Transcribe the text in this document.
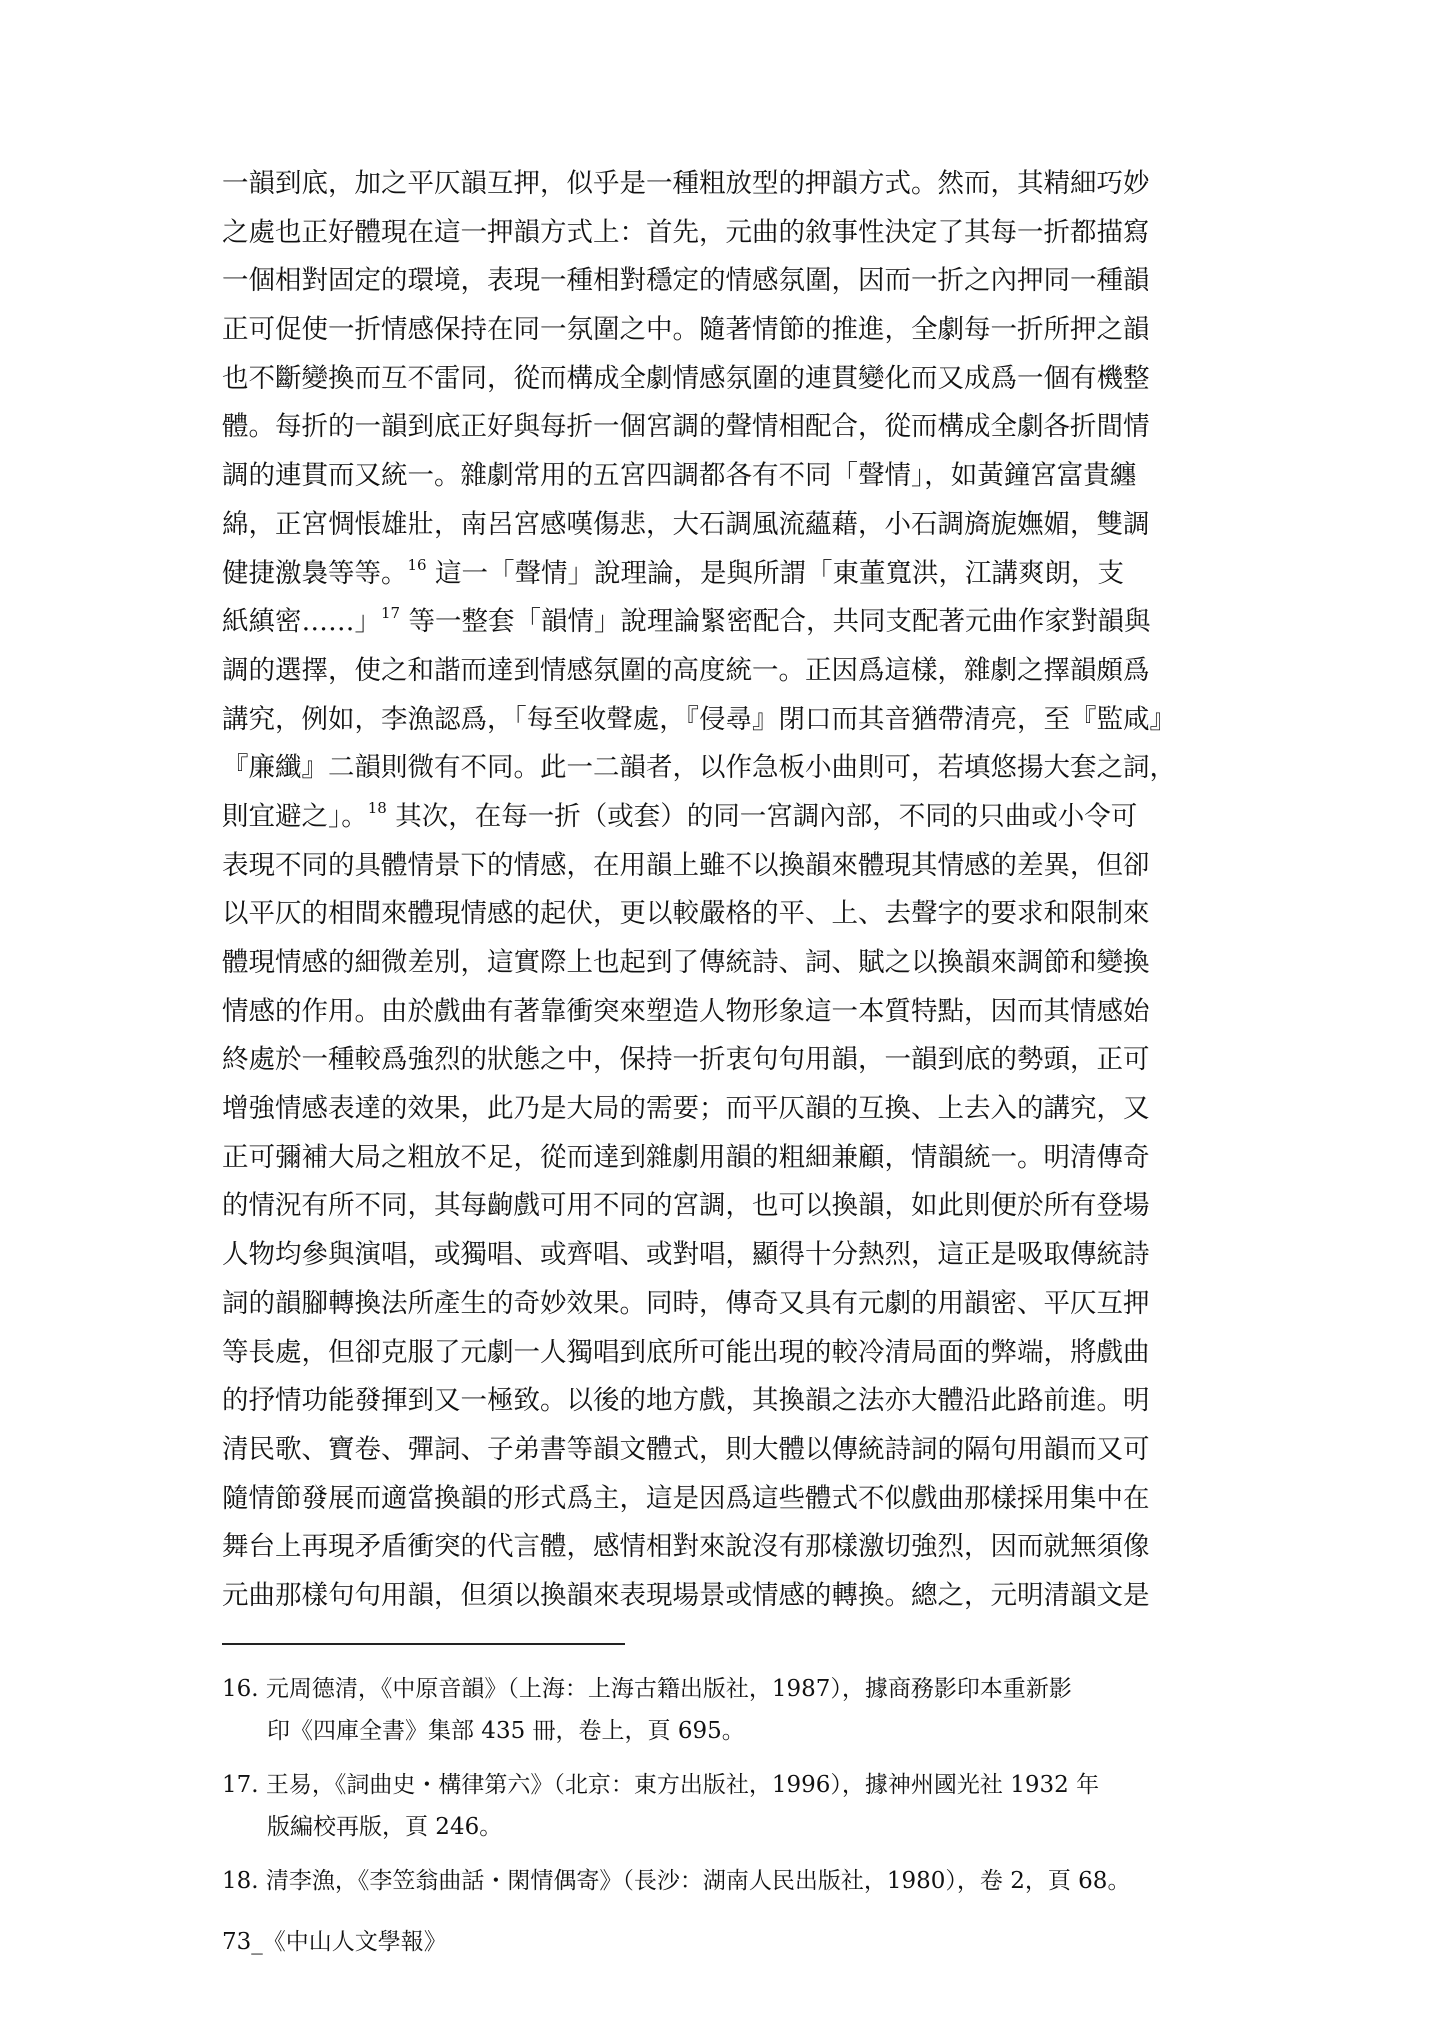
一韻到底，加之平仄韻互押，似乎是一種粗放型的押韻方式。然而，其精細巧妙
之處也正好體現在這一押韻方式上：首先，元曲的敘事性決定了其每一折都描寫
一個相對固定的環境，表現一種相對穩定的情感氛圍，因而一折之內押同一種韻
正可促使一折情感保持在同一氛圍之中。隨著情節的推進，全劇每一折所押之韻
也不斷變換而互不雷同，從而構成全劇情感氛圍的連貫變化而又成爲一個有機整
體。每折的一韻到底正好與每折一個宮調的聲情相配合，從而構成全劇各折間情
調的連貫而又統一。雜劇常用的五宮四調都各有不同「聲情」，如黃鐘宮富貴纏
綿，正宮惆悵雄壯，南呂宮感嘆傷悲，大石調風流蘊藉，小石調旖旎嫵媚，雙調
健捷激裊等等。$^{16}$ 這一「聲情」說理論，是與所謂「東董寬洪，江講爽朗，支
紙縝密……」$^{17}$ 等一整套「韻情」說理論緊密配合，共同支配著元曲作家對韻與
調的選擇，使之和諧而達到情感氛圍的高度統一。正因爲這樣，雜劇之擇韻頗爲
講究，例如，李漁認爲，「每至收聲處，『侵尋』閉口而其音猶帶清亮，至『監咸』
『廉纖』二韻則微有不同。此一二韻者，以作急板小曲則可，若填悠揚大套之詞，
則宜避之」。$^{18}$ 其次，在每一折（或套）的同一宮調內部，不同的只曲或小令可
表現不同的具體情景下的情感，在用韻上雖不以換韻來體現其情感的差異，但卻
以平仄的相間來體現情感的起伏，更以較嚴格的平、上、去聲字的要求和限制來
體現情感的細微差別，這實際上也起到了傳統詩、詞、賦之以換韻來調節和變換
情感的作用。由於戲曲有著靠衝突來塑造人物形象這一本質特點，因而其情感始
終處於一種較爲強烈的狀態之中，保持一折衷句句用韻，一韻到底的勢頭，正可
增強情感表達的效果，此乃是大局的需要；而平仄韻的互換、上去入的講究，又
正可彌補大局之粗放不足，從而達到雜劇用韻的粗細兼顧，情韻統一。明清傳奇
的情況有所不同，其每齣戲可用不同的宮調，也可以換韻，如此則便於所有登場
人物均參與演唱，或獨唱、或齊唱、或對唱，顯得十分熱烈，這正是吸取傳統詩
詞的韻腳轉換法所產生的奇妙效果。同時，傳奇又具有元劇的用韻密、平仄互押
等長處，但卻克服了元劇一人獨唱到底所可能出現的較冷清局面的弊端，將戲曲
的抒情功能發揮到又一極致。以後的地方戲，其換韻之法亦大體沿此路前進。明
清民歌、寶卷、彈詞、子弟書等韻文體式，則大體以傳統詩詞的隔句用韻而又可
隨情節發展而適當換韻的形式爲主，這是因爲這些體式不似戲曲那樣採用集中在
舞台上再現矛盾衝突的代言體，感情相對來說沒有那樣激切強烈，因而就無須像
元曲那樣句句用韻，但須以換韻來表現場景或情感的轉換。總之，元明清韻文是
16. 元周德清，《中原音韻》（上海：上海古籍出版社，1987），據商務影印本重新影
印《四庫全書》集部 435 冊，卷上，頁 695。
17. 王易，《詞曲史・構律第六》（北京：東方出版社，1996），據神州國光社 1932 年
版編校再版，頁 246。
18. 清李漁，《李笠翁曲話・閑情偶寄》（長沙：湖南人民出版社，1980），卷 2，頁 68。
73_《中山人文學報》
